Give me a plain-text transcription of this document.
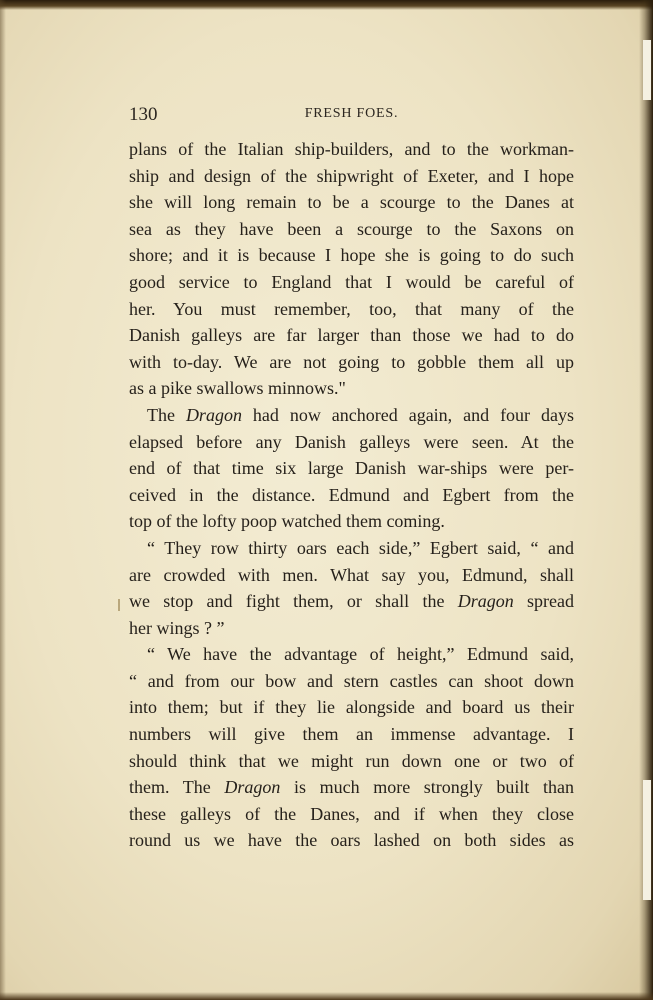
130	FRESH FOES.
plans of the Italian ship-builders, and to the workman-
ship and design of the shipwright of Exeter, and I hope
she will long remain to be a scourge to the Danes at
sea as they have been a scourge to the Saxons on
shore; and it is because I hope she is going to do such
good service to England that I would be careful of
her. You must remember, too, that many of the
Danish galleys are far larger than those we had to do
with to-day. We are not going to gobble them all up
as a pike swallows minnows."
The Dragon had now anchored again, and four days
elapsed before any Danish galleys were seen. At the
end of that time six large Danish war-ships were per-
ceived in the distance. Edmund and Egbert from the
top of the lofty poop watched them coming.
“ They row thirty oars each side,” Egbert said, “ and
are crowded with men. What say you, Edmund, shall
we stop and fight them, or shall the Dragon spread
her wings ? ”
“ We have the advantage of height,” Edmund said,
“ and from our bow and stern castles can shoot down
into them; but if they lie alongside and board us their
numbers will give them an immense advantage. I
should think that we might run down one or two of
them. The Dragon is much more strongly built than
these galleys of the Danes, and if when they close
round us we have the oars lashed on both sides as
